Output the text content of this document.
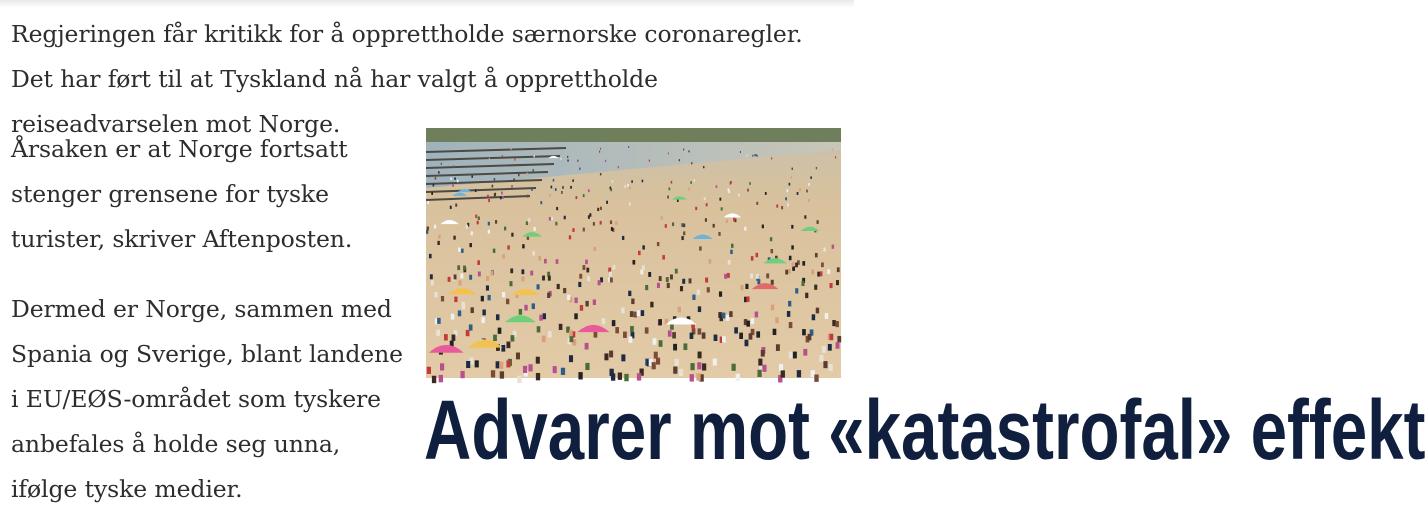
Regjeringen får kritikk for å opprettholde særnorske coronaregler. Det har ført til at Tyskland nå har valgt å opprettholde reiseadvarselen mot Norge.

Årsaken er at Norge fortsatt stenger grensene for tyske turister, skriver Aftenposten.

Dermed er Norge, sammen med Spania og Sverige, blant landene i EU/EØS-området som tyskere anbefales å holde seg unna, ifølge tyske medier.

Advarer mot «katastrofal» effekt
